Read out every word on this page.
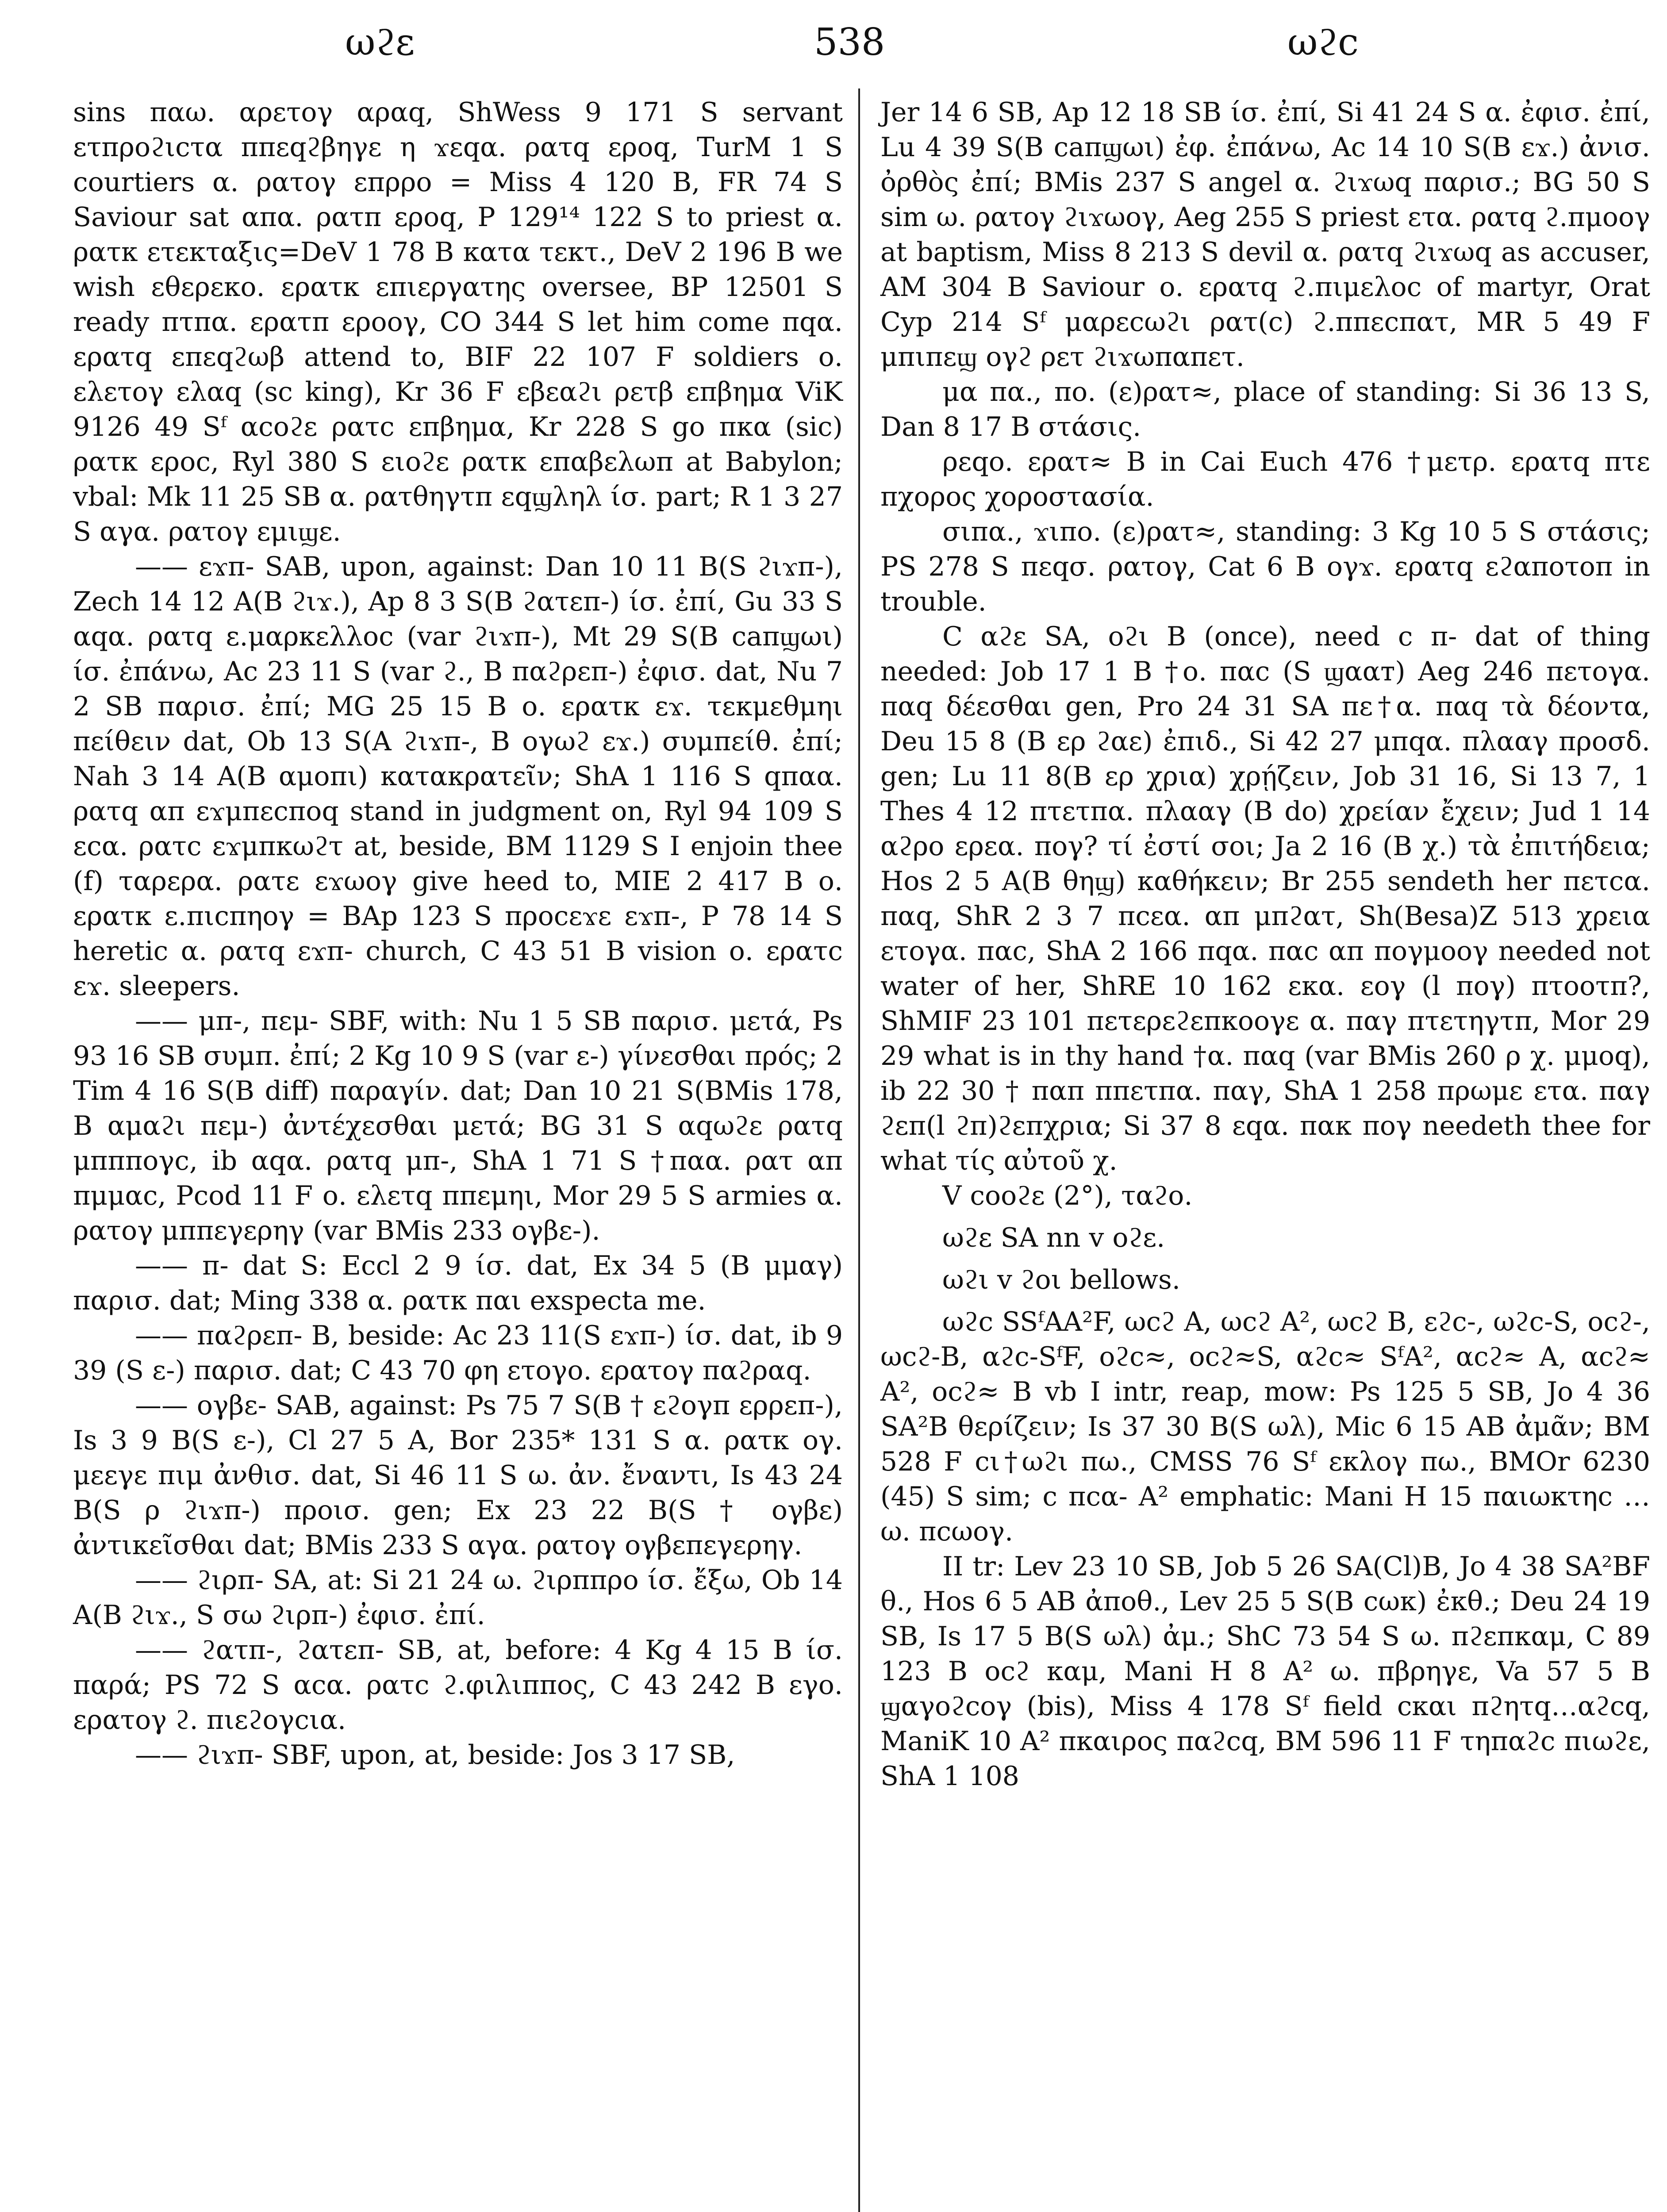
ωϩε	538	ωϩc

sins παω. αρετογ αραq, ShWess 9 171 S servant ετπροϩιcτα ππεqϩβηγε η ϫεqα. ρατq εροq, TurM 1 S courtiers α. ρατογ επρρο = Miss 4 120 B, FR 74 S Saviour sat απα. ρατπ εροq, P 129¹⁴ 122 S to priest α. ρατκ ετεκταξις=DeV 1 78 B κατα τεκτ., DeV 2 196 B we wish εθερεκο. ερατκ επιεργατης oversee, BP 12501 S ready πτπα. ερατπ εροογ, CO 344 S let him come πqα. ερατq επεqϩωβ attend to, BIF 22 107 F soldiers ο. ελετογ ελαq (sc king), Kr 36 F εβεαϩι ρετβ επβημα ViK 9126 49 Sᶠ αcοϩε ρατc επβημα, Kr 228 S go πκα (sic) ρατκ εροc, Ryl 380 S ειοϩε ρατκ επαβελωπ at Babylon; vbal: Mk 11 25 SB α. ρατθηγτπ εqϣληλ ίσ. part; R 1 3 27 S αγα. ρατογ εμιϣε.

—— εϫπ- SAB, upon, against: Dan 10 11 B(S ϩιϫπ-), Zech 14 12 A(B ϩιϫ.), Ap 8 3 S(B ϩατεπ-) ίσ. ἐπί, Gu 33 S αqα. ρατq ε.μαρκελλοc (var ϩιϫπ-), Mt 29 S(B caπϣωι) ίσ. ἐπάνω, Ac 23 11 S (var ϩ., B παϩρεπ-) ἐφισ. dat, Nu 7 2 SB παρισ. ἐπί; MG 25 15 B ο. ερατκ εϫ. τεκμεθμηι πείθειν dat, Ob 13 S(A ϩιϫπ-, B ογωϩ εϫ.) συμπείθ. ἐπί; Nah 3 14 A(B αμοπι) κατακρατεῖν; ShA 1 116 S qπαα. ρατq απ εϫμπεcποq stand in judgment on, Ryl 94 109 S εcα. ρατc εϫμπκωϩτ at, beside, BM 1129 S I enjoin thee (f) ταρερα. ρατε εϫωογ give heed to, MIE 2 417 B ο. ερατκ ε.πιcπηογ = BAp 123 S προcεϫε εϫπ-, P 78 14 S heretic α. ρατq εϫπ- church, C 43 51 B vision ο. ερατc εϫ. sleepers.

—— μπ-, πεμ- SBF, with: Nu 1 5 SB παρισ. μετά, Ps 93 16 SB συμπ. ἐπί; 2 Kg 10 9 S (var ε-) γίνεσθαι πρός; 2 Tim 4 16 S(B diff) παραγίν. dat; Dan 10 21 S(BMis 178, B αμαϩι πεμ-) ἀντέχεσθαι μετά; BG 31 S αqωϩε ρατq μπππογc, ib αqα. ρατq μπ-, ShA 1 71 S †παα. ρατ απ πμμαc, Pcod 11 F ο. ελετq ππεμηι, Mor 29 5 S armies α. ρατογ μππεγερηγ (var BMis 233 ογβε-).

—— π- dat S: Eccl 2 9 ίσ. dat, Ex 34 5 (B μμαγ) παρισ. dat; Ming 338 α. ρατκ παι exspecta me.

—— παϩρεπ- B, beside: Ac 23 11(S εϫπ-) ίσ. dat, ib 9 39 (S ε-) παρισ. dat; C 43 70 φη ετογο. ερατογ παϩραq.

—— ογβε- SAB, against: Ps 75 7 S(B † εϩογπ ερρεπ-), Is 3 9 B(S ε-), Cl 27 5 A, Bor 235* 131 S α. ρατκ ογ. μεεγε πιμ ἀνθισ. dat, Si 46 11 S ω. ἀν. ἔναντι, Is 43 24 B(S ρ ϩιϫπ-) προισ. gen; Ex 23 22 B(S † ογβε) ἀντικεῖσθαι dat; BMis 233 S αγα. ρατογ ογβεπεγερηγ.

—— ϩιρπ- SA, at: Si 21 24 ω. ϩιρππρο ίσ. ἔξω, Ob 14 A(B ϩιϫ., S σω ϩιρπ-) ἐφισ. ἐπί.

—— ϩατπ-, ϩατεπ- SB, at, before: 4 Kg 4 15 B ίσ. παρά; PS 72 S αcα. ρατc ϩ.φιλιππος, C 43 242 B εγο. ερατογ ϩ. πιεϩογcια.

—— ϩιϫπ- SBF, upon, at, beside: Jos 3 17 SB,

Jer 14 6 SB, Ap 12 18 SB ίσ. ἐπί, Si 41 24 S α. ἐφισ. ἐπί, Lu 4 39 S(B caπϣωι) ἐφ. ἐπάνω, Ac 14 10 S(B εϫ.) ἀνισ. ὀρθὸς ἐπί; BMis 237 S angel α. ϩιϫωq παρισ.; BG 50 S sim ω. ρατογ ϩιϫωογ, Aeg 255 S priest ετα. ρατq ϩ.πμοογ at baptism, Miss 8 213 S devil α. ρατq ϩιϫωq as accuser, AM 304 B Saviour ο. ερατq ϩ.πιμελοc of martyr, Orat Cyp 214 Sᶠ μαρεcωϩι ρατ(c) ϩ.ππεcπατ, MR 5 49 F μπιπεϣ ογϩ ρετ ϩιϫωπαπετ.

μα πα., πο. (ε)ρατ≈, place of standing: Si 36 13 S, Dan 8 17 B στάσις.

ρεqο. ερατ≈ B in Cai Euch 476 †μετρ. ερατq πτε πχορος χοροστασία.

σιπα., ϫιπο. (ε)ρατ≈, standing: 3 Kg 10 5 S στάσις; PS 278 S πεqσ. ρατογ, Cat 6 B ογϫ. ερατq εϩαποτοπ in trouble.

C αϩε SA, οϩι B (once), need c π- dat of thing needed: Job 17 1 B †ο. παc (S ϣααт) Aeg 246 πετογα. παq δέεσθαι gen, Pro 24 31 SA πε†α. παq τὰ δέοντα, Deu 15 8 (B ερ ϩαε) ἐπιδ., Si 42 27 μπqα. πλααγ προσδ. gen; Lu 11 8(B ερ χρια) χρῄζειν, Job 31 16, Si 13 7, 1 Thes 4 12 πτετπα. πλααγ (B do) χρείαν ἔχειν; Jud 1 14 αϩρο ερεα. πογ? τί ἐστί σοι; Ja 2 16 (B χ.) τὰ ἐπιτήδεια; Hos 2 5 A(B θηϣ) καθήκειν; Br 255 sendeth her πετcα. παq, ShR 2 3 7 πcεα. απ μπϩατ, Sh(Besa)Z 513 χρεια ετογα. παc, ShA 2 166 πqα. παc απ πογμοογ needed not water of her, ShRE 10 162 εκα. εογ (l πογ) πτοοτπ?, ShMIF 23 101 πετερεϩεπκοογε α. παγ πτετηγτπ, Mor 29 29 what is in thy hand †α. παq (var BMis 260 ρ χ. μμοq), ib 22 30 † παπ ππετπα. παγ, ShA 1 258 πρωμε ετα. παγ ϩεπ(l ϩπ)ϩεπχρια; Si 37 8 εqα. πακ πογ needeth thee for what τίς αὐτοῦ χ.

V cοοϩε (2°), ταϩο.

ωϩε SA nn v οϩε.

ωϩι v ϩοι bellows.

ωϩc SSᶠAA²F, ωcϩ A, ωcϩ A², ωcϩ B, εϩc-, ωϩc-S, οcϩ-, ωcϩ-B, αϩc-SᶠF, οϩc≈, οcϩ≈S, αϩc≈ SᶠA², αcϩ≈ A, αcϩ≈ A², οcϩ≈ B vb I intr, reap, mow: Ps 125 5 SB, Jo 4 36 SA²B θερίζειν; Is 37 30 B(S ωλ), Mic 6 15 AB ἀμᾶν; BM 528 F cι†ωϩι πω., CMSS 76 Sᶠ εκλογ πω., BMOr 6230 (45) S sim; c πcα- A² emphatic: Mani H 15 παιωκτηc …ω. πcωογ.

II tr: Lev 23 10 SB, Job 5 26 SA(Cl)B, Jo 4 38 SA²BF θ., Hos 6 5 AB ἀποθ., Lev 25 5 S(B cωκ) ἐκθ.; Deu 24 19 SB, Is 17 5 B(S ωλ) ἀμ.; ShC 73 54 S ω. πϩεπκαμ, C 89 123 B οcϩ καμ, Mani H 8 A² ω. πβρηγε, Va 57 5 B ϣαγοϩcογ (bis), Miss 4 178 Sᶠ field cκαι πϩητq…αϩcq, ManiK 10 A² πκαιρος παϩcq, BM 596 11 F τηπαϩc πιωϩε, ShA 1 108
